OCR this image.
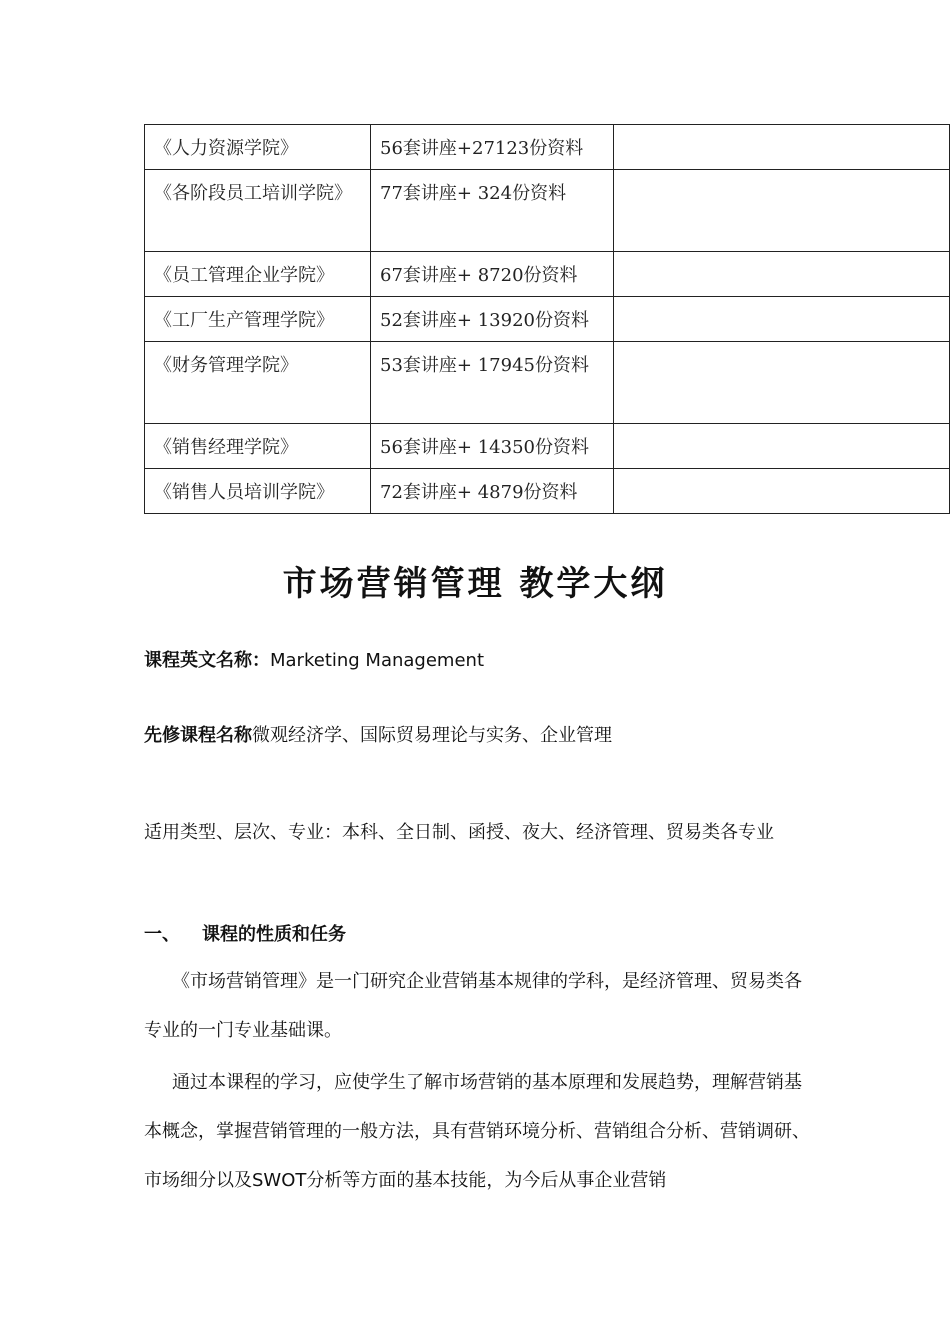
《人力资源学院》	56套讲座+27123份资料	
《各阶段员工培训学院》	77套讲座+ 324份资料	
《员工管理企业学院》	67套讲座+ 8720份资料	
《工厂生产管理学院》	52套讲座+ 13920份资料	
《财务管理学院》	53套讲座+ 17945份资料	
《销售经理学院》	56套讲座+ 14350份资料	
《销售人员培训学院》	72套讲座+ 4879份资料	
市场营销管理 教学大纲
课程英文名称：Marketing Management
先修课程名称微观经济学、国际贸易理论与实务、企业管理

适用类型、层次、专业：本科、全日制、函授、夜大、经济管理、贸易类各专业

一、 课程的性质和任务

《市场营销管理》是一门研究企业营销基本规律的学科，是经济管理、贸易类各专业的一门专业基础课。

通过本课程的学习，应使学生了解市场营销的基本原理和发展趋势，理解营销基本概念，掌握营销管理的一般方法，具有营销环境分析、营销组合分析、营销调研、市场细分以及SWOT分析等方面的基本技能，为今后从事企业营销
